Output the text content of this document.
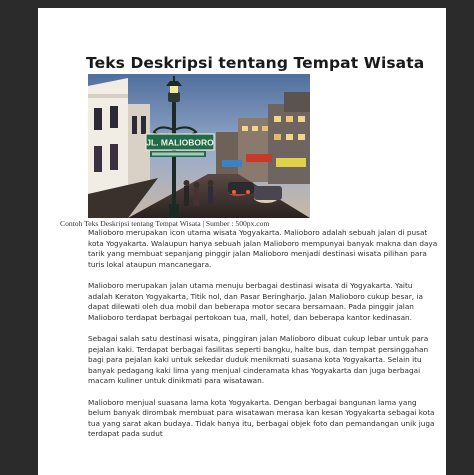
Teks Deskripsi tentang Tempat Wisata
JL. MALIOBORO
Contoh Teks Deskripsi tentang Tempat Wisata | Sumber : 500px.com

Malioboro merupakan icon utama wisata Yogyakarta. Malioboro adalah sebuah jalan di pusat kota Yogyakarta. Walaupun hanya sebuah jalan Malioboro mempunyai banyak makna dan daya tarik yang membuat sepanjang pinggir jalan Malioboro menjadi destinasi wisata pilihan para turis lokal ataupun mancanegara.

Malioboro merupakan jalan utama menuju berbagai destinasi wisata di Yogyakarta. Yaitu adalah Keraton Yogyakarta, Titik nol, dan Pasar Beringharjo. Jalan Malioboro cukup besar, ia dapat dilewati oleh dua mobil dan beberapa motor secara bersamaan. Pada pinggir jalan Malioboro terdapat berbagai pertokoan tua, mall, hotel, dan beberapa kantor kedinasan.

Sebagai salah satu destinasi wisata, pinggiran jalan Malioboro dibuat cukup lebar untuk para pejalan kaki. Terdapat berbagai fasilitas seperti bangku, halte bus, dan tempat persinggahan bagi para pejalan kaki untuk sekedar duduk menikmati suasana kota Yogyakarta. Selain itu banyak pedagang kaki lima yang menjual cinderamata khas Yogyakarta dan juga berbagai macam kuliner untuk dinikmati para wisatawan.

Malioboro menjual suasana lama kota Yogyakarta. Dengan berbagai bangunan lama yang belum banyak dirombak membuat para wisatawan merasa kan kesan Yogyakarta sebagai kota tua yang sarat akan budaya. Tidak hanya itu, berbagai objek foto dan pemandangan unik juga terdapat pada sudut
